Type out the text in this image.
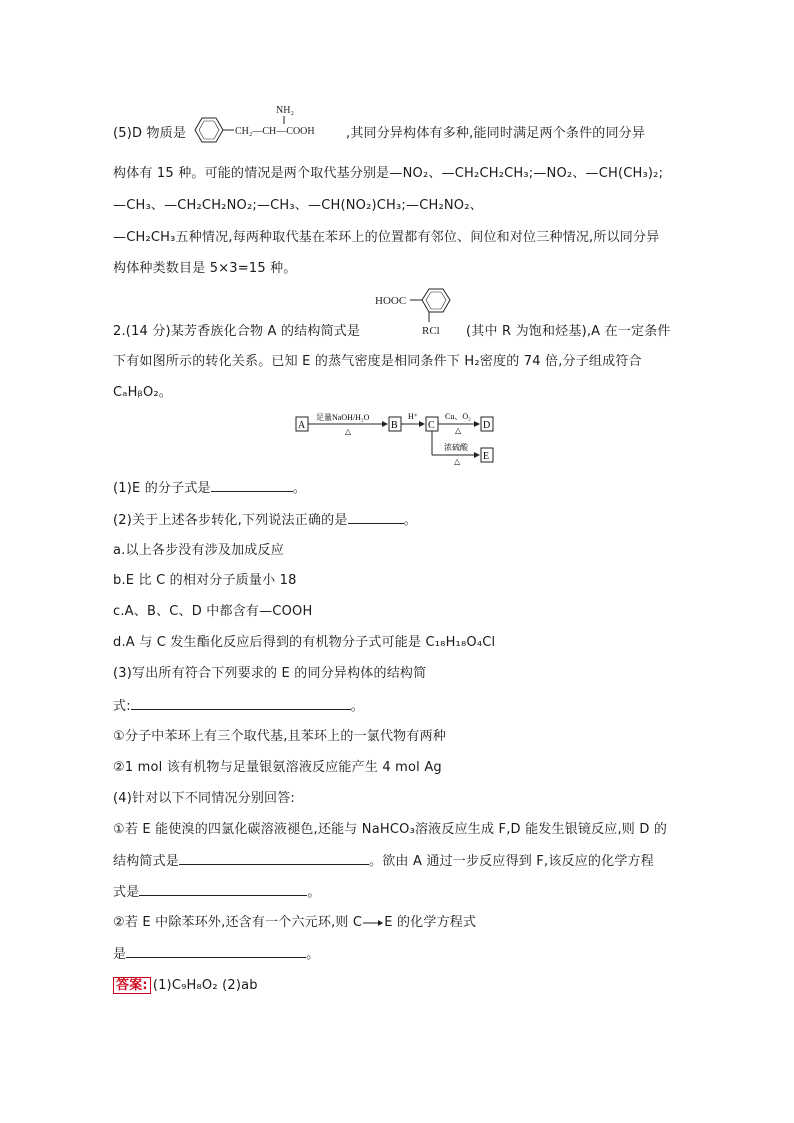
(5)D 物质是
NH₂
CH₂—CH—COOH ,其同分异构体有多种,能同时满足两个条件的同分异
构体有 15 种。可能的情况是两个取代基分别是—NO₂、—CH₂CH₂CH₃;—NO₂、—CH(CH₃)₂;
—CH₃、—CH₂CH₂NO₂;—CH₃、—CH(NO₂)CH₃;—CH₂NO₂、
—CH₂CH₃五种情况,每两种取代基在苯环上的位置都有邻位、间位和对位三种情况,所以同分异
构体种类数目是 5×3=15 种。
HOOC
RCl
2.(14 分)某芳香族化合物 A 的结构简式是	(其中 R 为饱和烃基),A 在一定条件
下有如图所示的转化关系。已知 E 的蒸气密度是相同条件下 H₂密度的 74 倍,分子组成符合
CₐHᵦO₂。
A
足量NaOH/H₂O
△
B
H⁺
C
Cu、O₂
△ D
浓硫酸
△ E
(1)E 的分子式是	。
(2)关于上述各步转化,下列说法正确的是	。
a.以上各步没有涉及加成反应
b.E 比 C 的相对分子质量小 18
c.A、B、C、D 中都含有—COOH
d.A 与 C 发生酯化反应后得到的有机物分子式可能是 C₁₈H₁₈O₄Cl
(3)写出所有符合下列要求的 E 的同分异构体的结构简
式:	。
①分子中苯环上有三个取代基,且苯环上的一氯代物有两种
②1 mol 该有机物与足量银氨溶液反应能产生 4 mol Ag
(4)针对以下不同情况分别回答:
①若 E 能使溴的四氯化碳溶液褪色,还能与 NaHCO₃溶液反应生成 F,D 能发生银镜反应,则 D 的
结构简式是	。欲由 A 通过一步反应得到 F,该反应的化学方程
式是	。
②若 E 中除苯环外,还含有一个六元环,则 C→E 的化学方程式
是	。
答案: (1)C₉H₈O₂ (2)ab
